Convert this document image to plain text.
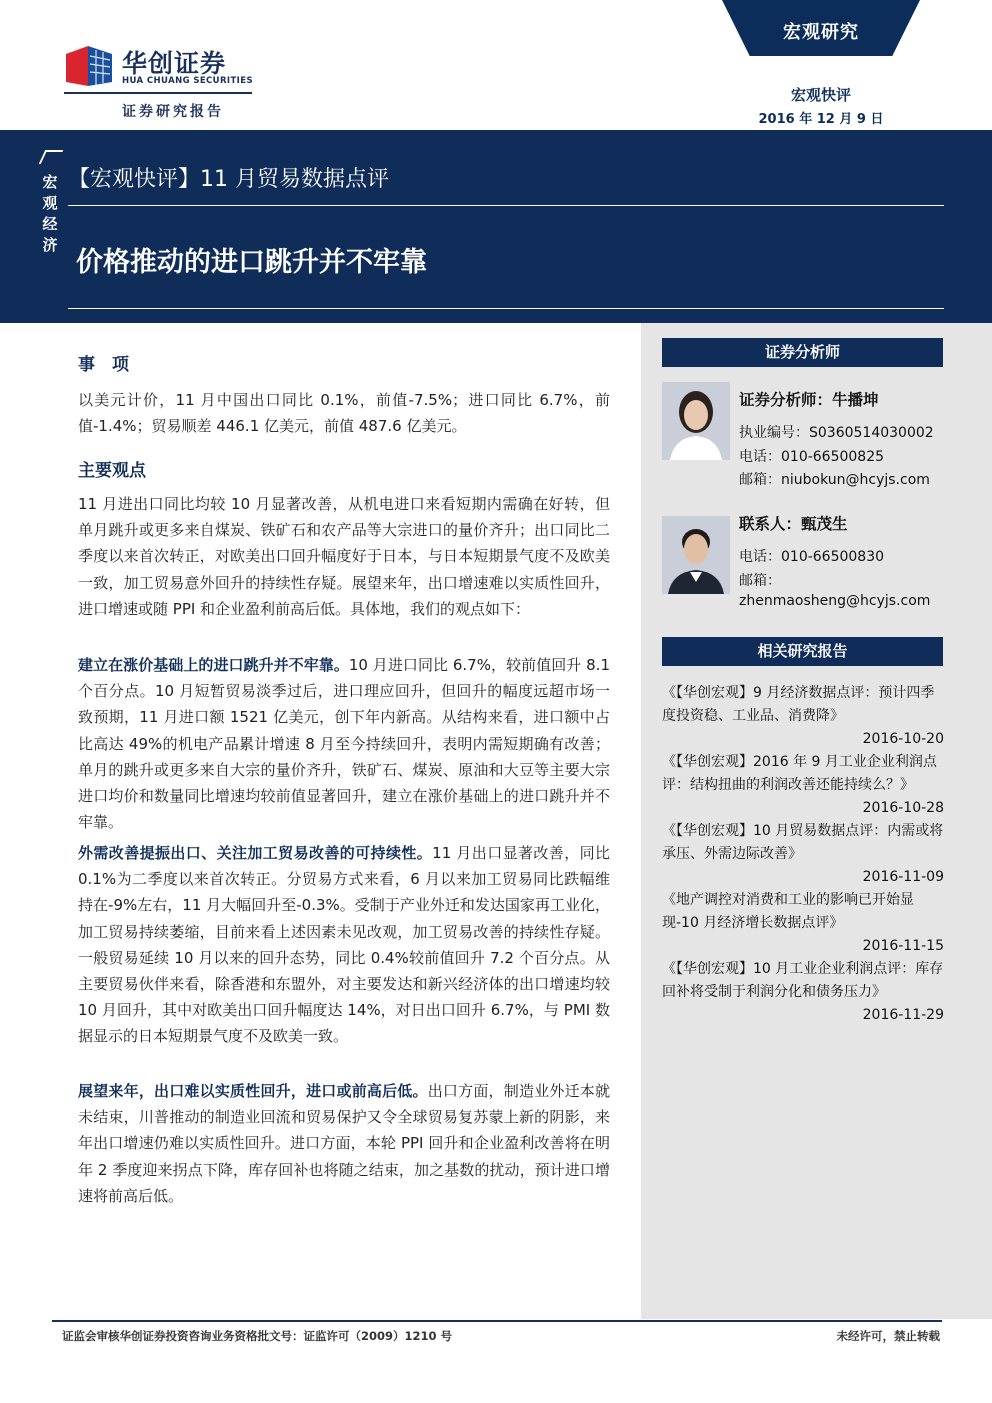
华创证券
HUA CHUANG SECURITIES
证券研究报告
宏观研究
宏观快评
2016 年 12 月 9 日
宏观经济
【宏观快评】11 月贸易数据点评
价格推动的进口跳升并不牢靠
证券分析师
证券分析师：牛播坤
执业编号：S0360514030002
电话：010-66500825
邮箱：niubokun@hcyjs.com
联系人：甄茂生
电话：010-66500830
邮箱：
zhenmaosheng@hcyjs.com
相关研究报告
《【华创宏观】9 月经济数据点评：预计四季度投资稳、工业品、消费降》
2016-10-20
《【华创宏观】2016 年 9 月工业企业利润点评：结构扭曲的利润改善还能持续么？》
2016-10-28
《【华创宏观】10 月贸易数据点评：内需或将承压、外需边际改善》
2016-11-09
《地产调控对消费和工业的影响已开始显现-10 月经济增长数据点评》
2016-11-15
《【华创宏观】10 月工业企业利润点评：库存回补将受制于利润分化和债务压力》
2016-11-29
事　项
以美元计价，11 月中国出口同比 0.1%，前值-7.5%；进口同比 6.7%，前值-1.4%；贸易顺差 446.1 亿美元，前值 487.6 亿美元。
主要观点
11 月进出口同比均较 10 月显著改善，从机电进口来看短期内需确在好转，但单月跳升或更多来自煤炭、铁矿石和农产品等大宗进口的量价齐升；出口同比二季度以来首次转正，对欧美出口回升幅度好于日本，与日本短期景气度不及欧美一致，加工贸易意外回升的持续性存疑。展望来年，出口增速难以实质性回升，进口增速或随 PPI 和企业盈利前高后低。具体地，我们的观点如下：
建立在涨价基础上的进口跳升并不牢靠。10 月进口同比 6.7%，较前值回升 8.1 个百分点。10 月短暂贸易淡季过后，进口理应回升，但回升的幅度远超市场一致预期，11 月进口额 1521 亿美元，创下年内新高。从结构来看，进口额中占比高达 49%的机电产品累计增速 8 月至今持续回升，表明内需短期确有改善；单月的跳升或更多来自大宗的量价齐升，铁矿石、煤炭、原油和大豆等主要大宗进口均价和数量同比增速均较前值显著回升，建立在涨价基础上的进口跳升并不牢靠。
外需改善提振出口、关注加工贸易改善的可持续性。11 月出口显著改善，同比 0.1%为二季度以来首次转正。分贸易方式来看，6 月以来加工贸易同比跌幅维持在-9%左右，11 月大幅回升至-0.3%。受制于产业外迁和发达国家再工业化，加工贸易持续萎缩，目前来看上述因素未见改观，加工贸易改善的持续性存疑。一般贸易延续 10 月以来的回升态势，同比 0.4%较前值回升 7.2 个百分点。从主要贸易伙伴来看，除香港和东盟外，对主要发达和新兴经济体的出口增速均较 10 月回升，其中对欧美出口回升幅度达 14%，对日出口回升 6.7%，与 PMI 数据显示的日本短期景气度不及欧美一致。
展望来年，出口难以实质性回升，进口或前高后低。出口方面，制造业外迁本就未结束，川普推动的制造业回流和贸易保护又令全球贸易复苏蒙上新的阴影，来年出口增速仍难以实质性回升。进口方面，本轮 PPI 回升和企业盈利改善将在明年 2 季度迎来拐点下降，库存回补也将随之结束，加之基数的扰动，预计进口增速将前高后低。
证监会审核华创证券投资咨询业务资格批文号：证监许可（2009）1210 号	未经许可，禁止转载
